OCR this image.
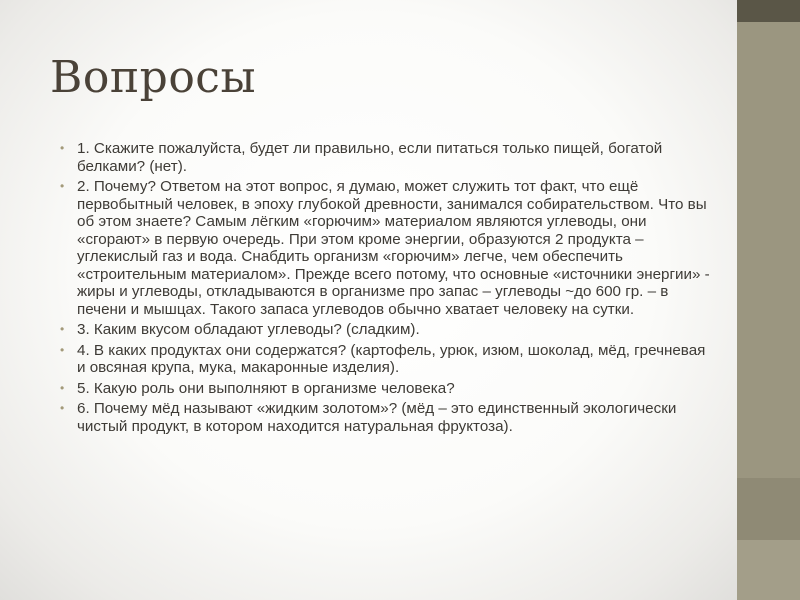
Вопросы
• 1. Скажите пожалуйста, будет ли правильно, если питаться только пищей, богатой белками? (нет).
• 2. Почему? Ответом на этот вопрос, я думаю, может служить тот факт, что ещё первобытный человек, в эпоху глубокой древности, занимался собирательством. Что вы об этом знаете? Самым лёгким «горючим» материалом являются углеводы, они «сгорают» в первую очередь. При этом кроме энергии, образуются 2 продукта – углекислый газ и вода. Снабдить организм «горючим» легче, чем обеспечить «строительным материалом». Прежде всего потому, что основные «источники энергии» - жиры и углеводы, откладываются в организме про запас – углеводы ~до 600 гр. – в печени и мышцах. Такого запаса углеводов обычно хватает человеку на сутки.
• 3. Каким вкусом обладают углеводы? (сладким).
• 4. В каких продуктах они содержатся? (картофель, урюк, изюм, шоколад, мёд, гречневая и овсяная крупа, мука, макаронные изделия).
• 5. Какую роль они выполняют в организме человека?
• 6. Почему мёд называют «жидким золотом»? (мёд – это единственный экологически чистый продукт, в котором находится натуральная фруктоза).
